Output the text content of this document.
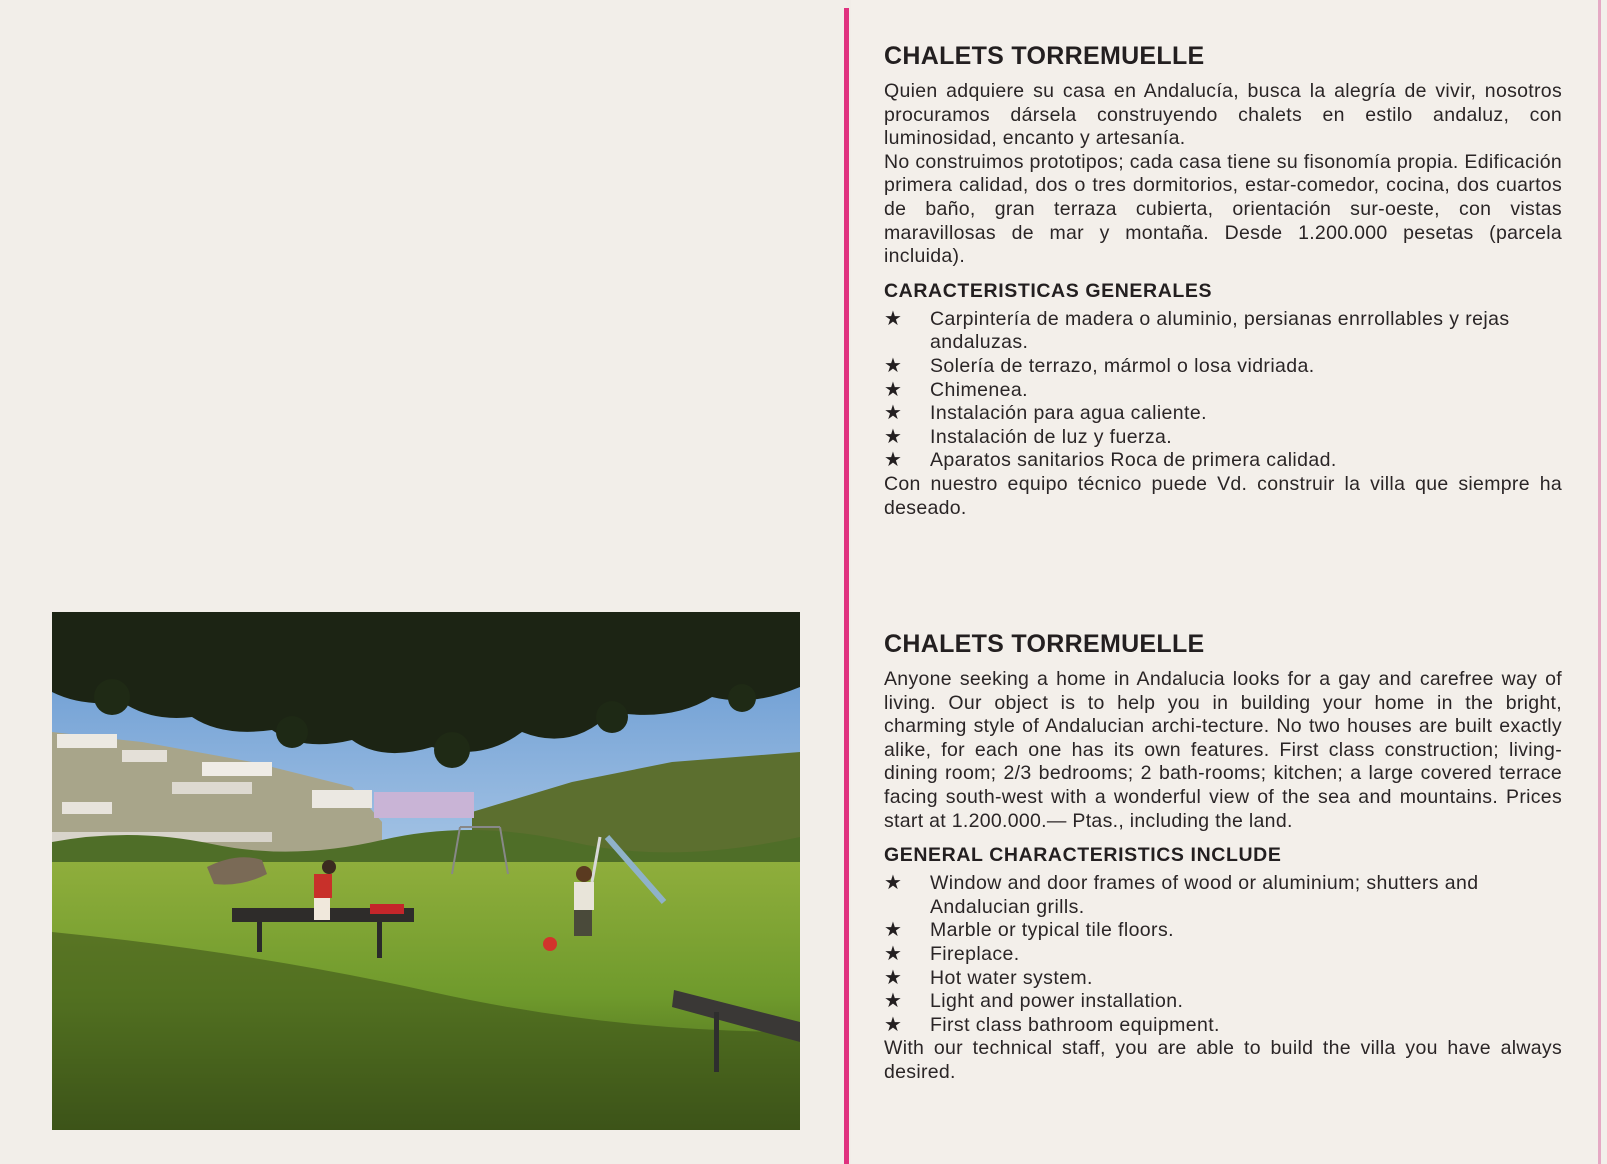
CHALETS TORREMUELLE

Quien adquiere su casa en Andalucía, busca la alegría de vivir, nosotros procuramos dársela construyendo chalets en estilo andaluz, con luminosidad, encanto y artesanía.

No construimos prototipos; cada casa tiene su fisonomía propia. Edificación primera calidad, dos o tres dormitorios, estar-comedor, cocina, dos cuartos de baño, gran terraza cubierta, orientación sur-oeste, con vistas maravillosas de mar y montaña. Desde 1.200.000 pesetas (parcela incluida).

CARACTERISTICAS GENERALES
★ Carpintería de madera o aluminio, persianas enrrollables y rejas andaluzas.
★ Solería de terrazo, mármol o losa vidriada.
★ Chimenea.
★ Instalación para agua caliente.
★ Instalación de luz y fuerza.
★ Aparatos sanitarios Roca de primera calidad.

Con nuestro equipo técnico puede Vd. construir la villa que siempre ha deseado.

CHALETS TORREMUELLE

Anyone seeking a home in Andalucia looks for a gay and carefree way of living. Our object is to help you in building your home in the bright, charming style of Andalucian archi-tecture. No two houses are built exactly alike, for each one has its own features. First class construction; living-dining room; 2/3 bedrooms; 2 bath-rooms; kitchen; a large covered terrace facing south-west with a wonderful view of the sea and mountains. Prices start at 1.200.000.— Ptas., including the land.

GENERAL CHARACTERISTICS INCLUDE
★ Window and door frames of wood or aluminium; shutters and Andalucian grills.
★ Marble or typical tile floors.
★ Fireplace.
★ Hot water system.
★ Light and power installation.
★ First class bathroom equipment.

With our technical staff, you are able to build the villa you have always desired.
